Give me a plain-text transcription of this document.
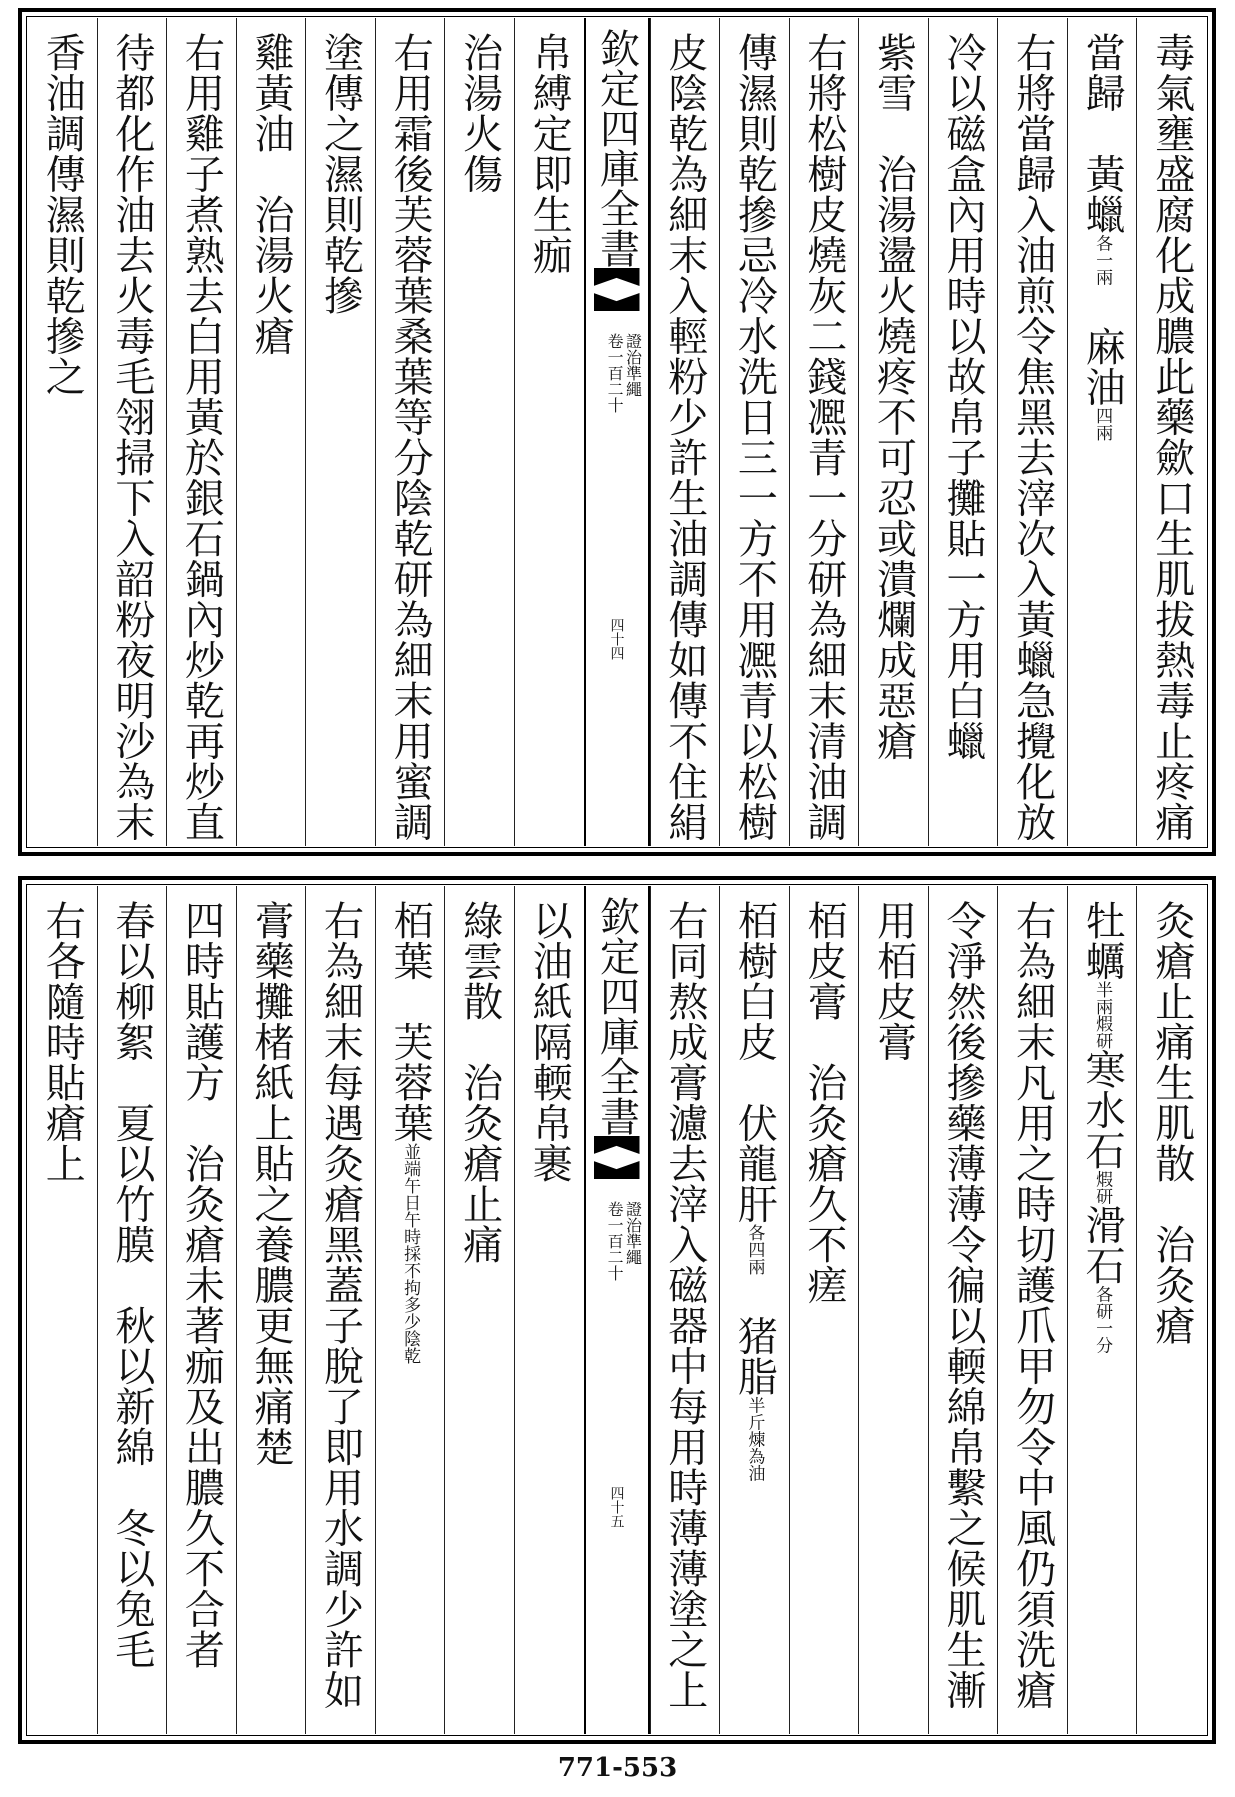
毒氣壅盛腐化成膿此藥歛口生肌拔熱毒止疼痛
當歸　黃蠟各一兩　麻油四兩
右將當歸入油煎令焦黑去滓次入黃蠟急攪化放
冷以磁盒內用時以故帛子攤貼一方用白蠟
紫雪　治湯盪火燒疼不可忍或潰爛成惡瘡
右將松樹皮燒灰二錢凞青一分研為細末清油調
傳濕則乾摻忌冷水洗日三一方不用凞青以松樹
皮陰乾為細末入輕粉少許生油調傳如傳不住絹
欽定四庫全書
證治準繩
卷一百二十
四十四
帛縛定即生痂
治湯火傷
右用霜後芙蓉葉桑葉等分陰乾研為細末用蜜調
塗傳之濕則乾摻
雞黃油　治湯火瘡
右用雞子煮熟去白用黃於銀石鍋內炒乾再炒直
待都化作油去火毒毛翎掃下入韶粉夜明沙為末
香油調傳濕則乾摻之
灸瘡止痛生肌散　治灸瘡
牡蠣半兩煆研寒水石煆研滑石各研一分
右為細末凡用之時切護爪甲勿令中風仍須洗瘡
令淨然後摻藥薄薄令徧以輭綿帛繫之候肌生漸
用栢皮膏
栢皮膏　治灸瘡久不瘥
栢樹白皮　伏龍肝各四兩　猪脂半斤煉為油
右同熬成膏濾去滓入磁器中每用時薄薄塗之上
欽定四庫全書
證治準繩
卷一百二十
四十五
以油紙隔輭帛裹
綠雲散　治灸瘡止痛
栢葉　芙蓉葉並端午日午時採不拘多少陰乾
右為細末每遇灸瘡黑蓋子脫了即用水調少許如
膏藥攤楮紙上貼之養膿更無痛楚
四時貼護方　治灸瘡未著痂及出膿久不合者
春以柳絮　夏以竹膜　秋以新綿　冬以兔毛
右各隨時貼瘡上
771-553
